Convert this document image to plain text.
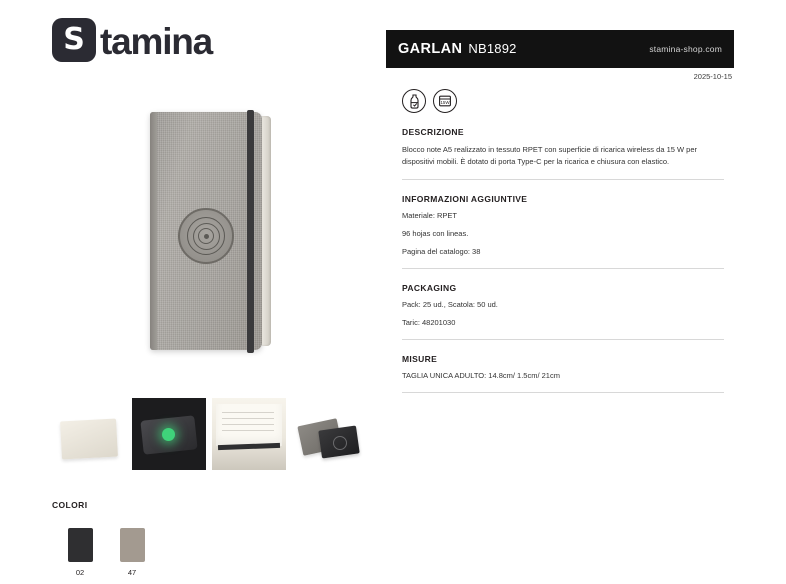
S tamina
COLORI
02	47
GARLAN NB1892	stamina-shop.com
2025-10-15
15W
DESCRIZIONE

Blocco note A5 realizzato in tessuto RPET con superficie di ricarica wireless da 15 W per dispositivi mobili. È dotato di porta Type-C per la ricarica e chiusura con elastico.

INFORMAZIONI AGGIUNTIVE

Materiale: RPET

96 hojas con lineas.

Pagina del catalogo: 38

PACKAGING

Pack: 25 ud., Scatola: 50 ud.

Taric: 48201030

MISURE

TAGLIA UNICA ADULTO: 14.8cm/ 1.5cm/ 21cm
